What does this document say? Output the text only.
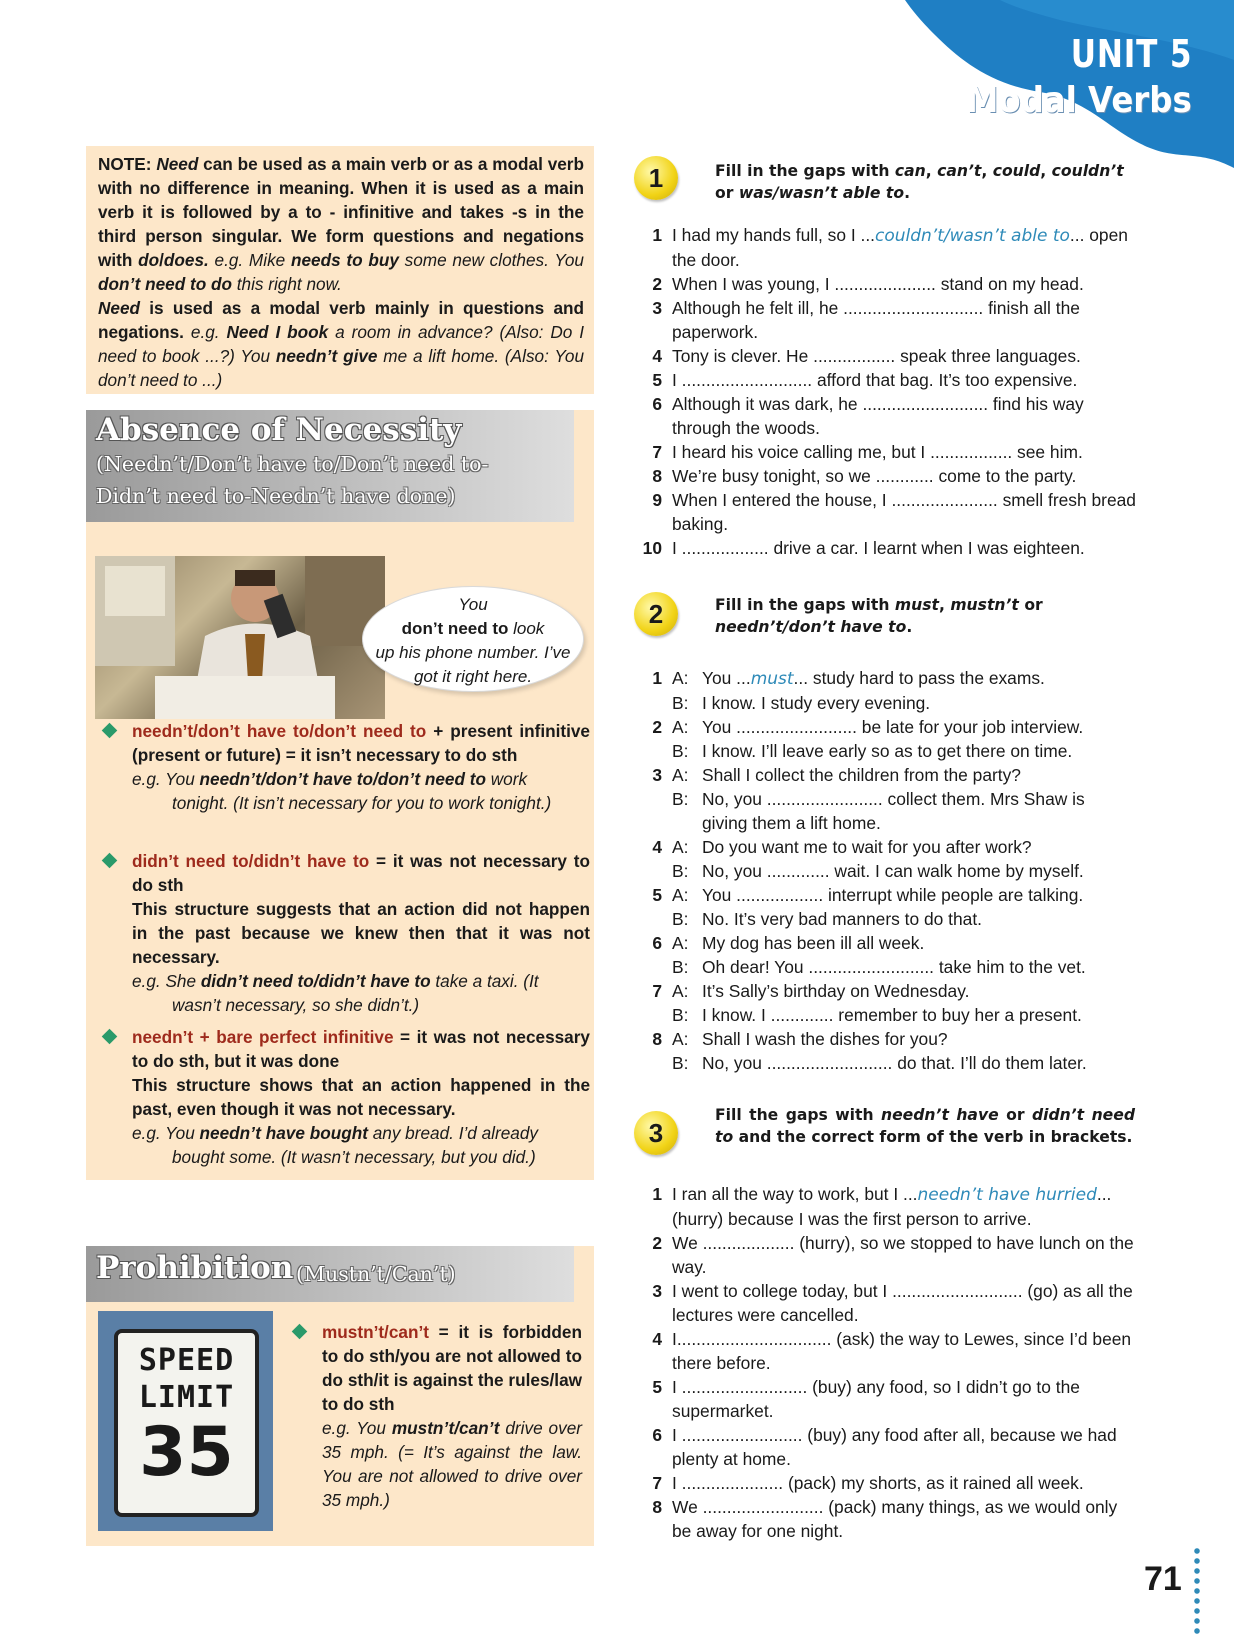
UNIT 5
Modal Verbs
NOTE: Need can be used as a main verb or as a modal verb with no difference in meaning. When it is used as a main verb it is followed by a to - infinitive and takes -s in the third person singular. We form questions and negations with do/does. e.g. Mike needs to buy some new clothes. You don’t need to do this right now.
Need is used as a modal verb mainly in questions and negations. e.g. Need I book a room in advance? (Also: Do I need to book ...?) You needn’t give me a lift home. (Also: You don’t need to ...)
Absence of Necessity
(Needn’t/Don’t have to/Don’t need to-
Didn’t need to-Needn’t have done)
You
don’t need to look
up his phone number. I’ve
got it right here.
needn’t/don’t have to/don’t need to + present infinitive (present or future) = it isn’t necessary to do sth
e.g. You needn’t/don’t have to/don’t need to work
tonight. (It isn’t necessary for you to work tonight.)
didn’t need to/didn’t have to = it was not necessary to do sth
This structure suggests that an action did not happen in the past because we knew then that it was not necessary.
e.g. She didn’t need to/didn’t have to take a taxi. (It
wasn’t necessary, so she didn’t.)
needn’t + bare perfect infinitive = it was not necessary to do sth, but it was done
This structure shows that an action happened in the past, even though it was not necessary.
e.g. You needn’t have bought any bread. I’d already
bought some. (It wasn’t necessary, but you did.)
Prohibition (Mustn’t/Can’t)
SPEED
LIMIT
35
mustn’t/can’t = it is forbidden to do sth/you are not allowed to do sth/it is against the rules/law to do sth
e.g. You mustn’t/can’t drive over 35 mph. (= It’s against the law. You are not allowed to drive over 35 mph.)
1	Fill in the gaps with can, can’t, could, couldn’t or was/wasn’t able to.
1 I had my hands full, so I ...couldn’t/wasn’t able to... open the door.
2 When I was young, I ..................... stand on my head.
3 Although he felt ill, he ............................. finish all the paperwork.
4 Tony is clever. He ................. speak three languages.
5 I ........................... afford that bag. It’s too expensive.
6 Although it was dark, he .......................... find his way through the woods.
7 I heard his voice calling me, but I ................. see him.
8 We’re busy tonight, so we ............ come to the party.
9 When I entered the house, I ...................... smell fresh bread baking.
10 I .................. drive a car. I learnt when I was eighteen.
2	Fill in the gaps with must, mustn’t or
needn’t/don’t have to.
1 A: You ...must... study hard to pass the exams.
B: I know. I study every evening.
2 A: You ......................... be late for your job interview.
B: I know. I’ll leave early so as to get there on time.
3 A: Shall I collect the children from the party?
B: No, you ........................ collect them. Mrs Shaw is
giving them a lift home.
4 A: Do you want me to wait for you after work?
B: No, you ............. wait. I can walk home by myself.
5 A: You .................. interrupt while people are talking.
B: No. It’s very bad manners to do that.
6 A: My dog has been ill all week.
B: Oh dear! You .......................... take him to the vet.
7 A: It’s Sally’s birthday on Wednesday.
B: I know. I ............. remember to buy her a present.
8 A: Shall I wash the dishes for you?
B: No, you .......................... do that. I’ll do them later.
3
Fill the gaps with needn’t have or didn’t need to and the correct form of the verb in brackets.
1 I ran all the way to work, but I ...needn’t have hurried... (hurry) because I was the first person to arrive.
2 We ................... (hurry), so we stopped to have lunch on the way.
3 I went to college today, but I ........................... (go) as all the lectures were cancelled.
4 I................................ (ask) the way to Lewes, since I’d been there before.
5 I .......................... (buy) any food, so I didn’t go to the supermarket.
6 I ......................... (buy) any food after all, because we had plenty at home.
7 I ..................... (pack) my shorts, as it rained all week.
8 We ......................... (pack) many things, as we would only be away for one night.
71
